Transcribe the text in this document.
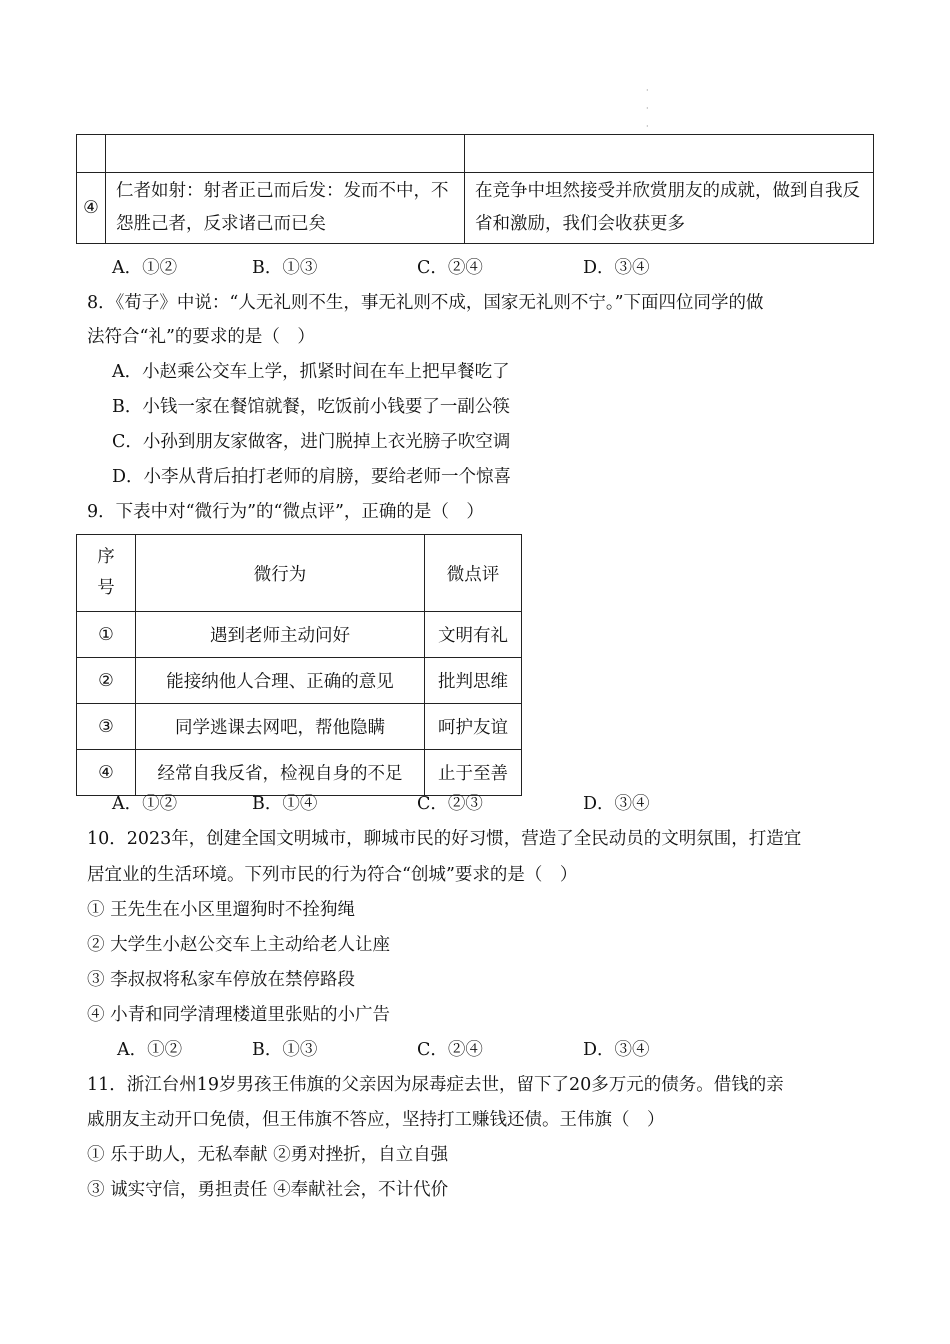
·
·
·

④	仁者如射：射者正己而后发：发而不中，不怨胜己者，反求诸己而已矣	在竞争中坦然接受并欣赏朋友的成就，做到自我反省和激励，我们会收获更多
A．①②	B．①③	C．②④	D．③④
8．《荀子》中说：“人无礼则不生，事无礼则不成，国家无礼则不宁。”下面四位同学的做
法符合“礼”的要求的是（　）
A．小赵乘公交车上学，抓紧时间在车上把早餐吃了
B．小钱一家在餐馆就餐，吃饭前小钱要了一副公筷
C．小孙到朋友家做客，进门脱掉上衣光膀子吹空调
D．小李从背后拍打老师的肩膀，要给老师一个惊喜
9．下表中对“微行为”的“微点评”，正确的是（　）
序
号	微行为	微点评
①	遇到老师主动问好	文明有礼
②	能接纳他人合理、正确的意见	批判思维
③	同学逃课去网吧，帮他隐瞒	呵护友谊
④	经常自我反省，检视自身的不足	止于至善
A．①②	B．①④	C．②③	D．③④
10．2023年，创建全国文明城市，聊城市民的好习惯，营造了全民动员的文明氛围，打造宜
居宜业的生活环境。下列市民的行为符合“创城”要求的是（　）
① 王先生在小区里遛狗时不拴狗绳
② 大学生小赵公交车上主动给老人让座
③ 李叔叔将私家车停放在禁停路段
④ 小青和同学清理楼道里张贴的小广告
A．①②	B．①③	C．②④	D．③④
11．浙江台州19岁男孩王伟旗的父亲因为尿毒症去世，留下了20多万元的债务。借钱的亲
戚朋友主动开口免债，但王伟旗不答应，坚持打工赚钱还债。王伟旗（　）
① 乐于助人，无私奉献 ②勇对挫折，自立自强
③ 诚实守信，勇担责任 ④奉献社会，不计代价
